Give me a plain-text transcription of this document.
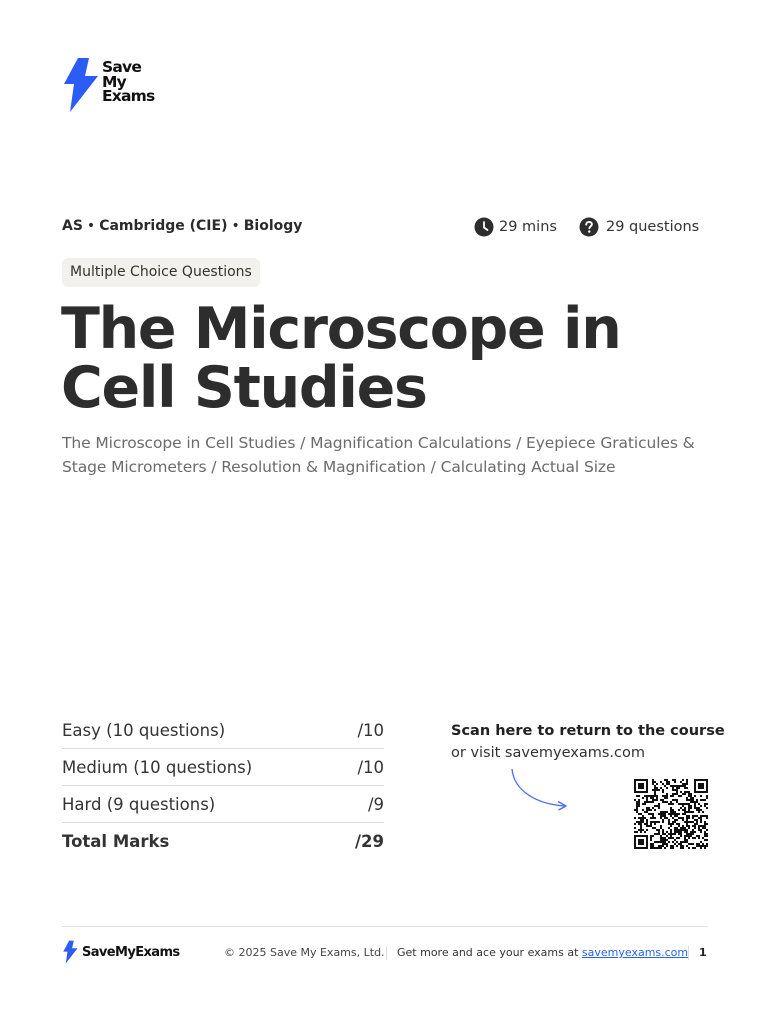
Save
My
Exams
AS • Cambridge (CIE) • Biology	29 mins	29 questions
Multiple Choice Questions
The Microscope in Cell Studies
The Microscope in Cell Studies / Magnification Calculations / Eyepiece Graticules & Stage Micrometers / Resolution & Magnification / Calculating Actual Size
Easy (10 questions)	/10
Medium (10 questions)	/10
Hard (9 questions)	/9
Total Marks	/29
Scan here to return to the course
or visit savemyexams.com
SaveMyExams	© 2025 Save My Exams, Ltd. Get more and ace your exams at savemyexams.com 1
